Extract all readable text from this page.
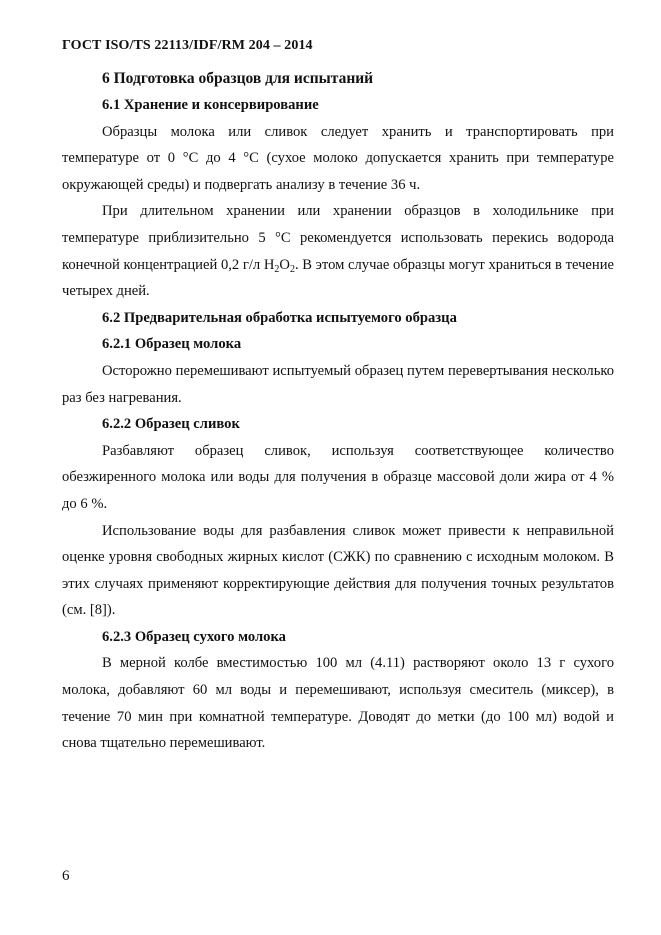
ГОСТ ISO/TS 22113/IDF/RM 204 – 2014

6 Подготовка образцов для испытаний

6.1 Хранение и консервирование

Образцы молока или сливок следует хранить и транспортировать при температуре от 0 °С до 4 °С (сухое молоко допускается хранить при температуре окружающей среды) и подвергать анализу в течение 36 ч.

При длительном хранении или хранении образцов в холодильнике при температуре приблизительно 5 °С рекомендуется использовать перекись водорода конечной концентрацией 0,2 г/л $H_2O_2$. В этом случае образцы могут храниться в течение четырех дней.

6.2 Предварительная обработка испытуемого образца

6.2.1 Образец молока

Осторожно перемешивают испытуемый образец путем перевертывания несколько раз без нагревания.

6.2.2 Образец сливок

Разбавляют образец сливок, используя соответствующее количество обезжиренного молока или воды для получения в образце массовой доли жира от 4 % до 6 %.

Использование воды для разбавления сливок может привести к неправильной оценке уровня свободных жирных кислот (СЖК) по сравнению с исходным молоком. В этих случаях применяют корректирующие действия для получения точных результатов (см. [8]).

6.2.3 Образец сухого молока

В мерной колбе вместимостью 100 мл (4.11) растворяют около 13 г сухого молока, добавляют 60 мл воды и перемешивают, используя смеситель (миксер), в течение 70 мин при комнатной температуре. Доводят до метки (до 100 мл) водой и снова тщательно перемешивают.

6
